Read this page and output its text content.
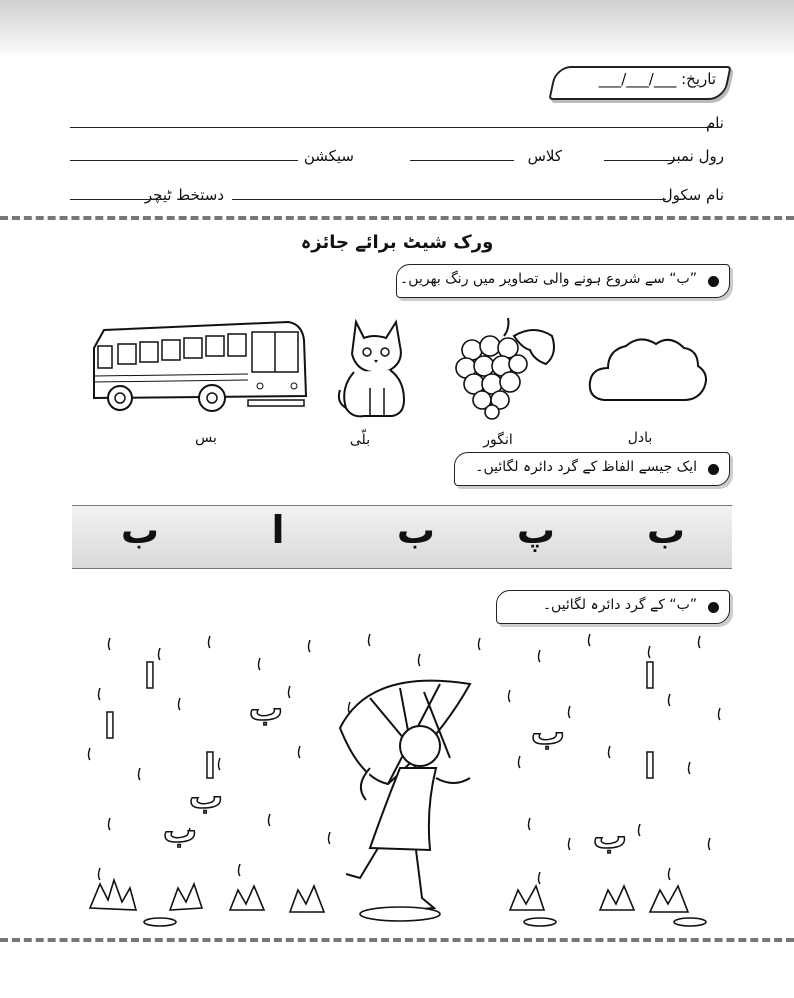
تاریخ: ___/___/___
نام
رول نمبر
کلاس
سیکشن
نام سکول
دستخط ٹیچر
ورک شیٹ برائے جائزہ
”ب“ سے شروع ہونے والی تصاویر میں رنگ بھریں۔
بس	بلّی	انگور	بادل
ایک جیسے الفاظ کے گرد دائرہ لگائیں۔
ب
پ
ب
ا
ب
”ب“ کے گرد دائرہ لگائیں۔
ا
ب
ب
ا
ب
ا
ا
ب
ب
ا
